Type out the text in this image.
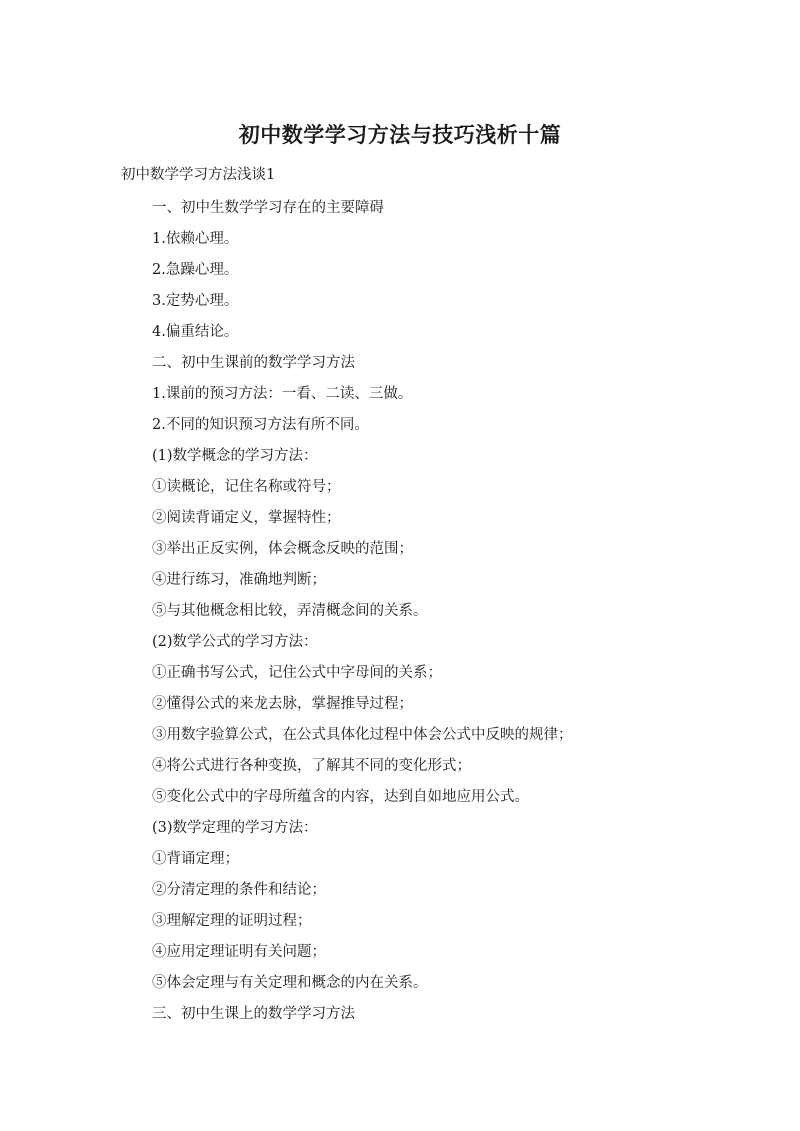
初中数学学习方法与技巧浅析十篇
初中数学学习方法浅谈1
一、初中生数学学习存在的主要障碍
1.依赖心理。
2.急躁心理。
3.定势心理。
4.偏重结论。
二、初中生课前的数学学习方法
1.课前的预习方法：一看、二读、三做。
2.不同的知识预习方法有所不同。
(1)数学概念的学习方法：
①读概论，记住名称或符号；
②阅读背诵定义，掌握特性；
③举出正反实例，体会概念反映的范围；
④进行练习，准确地判断；
⑤与其他概念相比较，弄清概念间的关系。
(2)数学公式的学习方法：
①正确书写公式，记住公式中字母间的关系；
②懂得公式的来龙去脉，掌握推导过程；
③用数字验算公式，在公式具体化过程中体会公式中反映的规律；
④将公式进行各种变换，了解其不同的变化形式；
⑤变化公式中的字母所蕴含的内容，达到自如地应用公式。
(3)数学定理的学习方法：
①背诵定理；
②分清定理的条件和结论；
③理解定理的证明过程；
④应用定理证明有关问题；
⑤体会定理与有关定理和概念的内在关系。
三、初中生课上的数学学习方法
